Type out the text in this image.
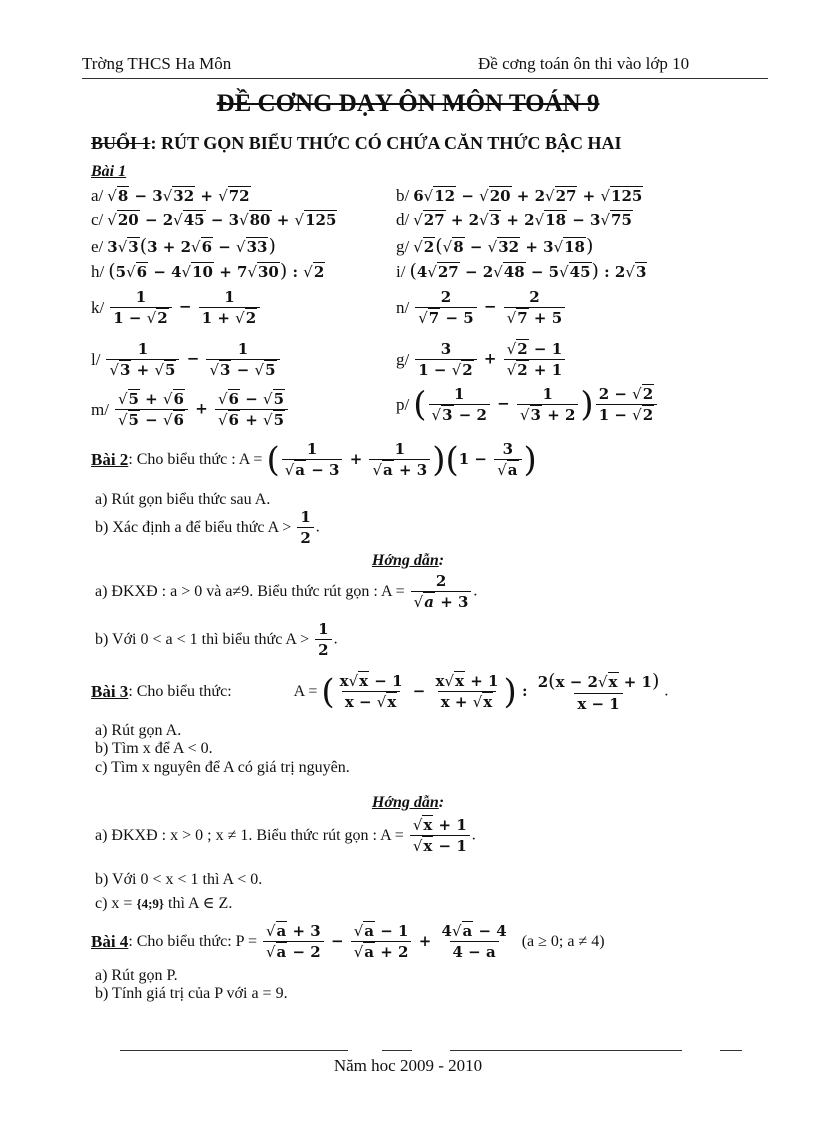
Trờng THCS Ha Môn	Đề cơng toán ôn thi vào lớp 10
ĐỀ CƠNG DẠY ÔN MÔN TOÁN 9
BUỔI 1: RÚT GỌN BIỂU THỨC CÓ CHỨA CĂN THỨC BẬC HAI
Bài 1
a/ √8 − 3√32 + √72	b/ 6√12 − √20 + 2√27 + √125
c/ √20 − 2√45 − 3√80 + √125	d/ √27 + 2√3 + 2√18 − 3√75
e/ 3√3(3 + 2√6 − √33)	g/ √2(√8 − √32 + 3√18)
h/ (5√6 − 4√10 + 7√30) : √2	i/ (4√27 − 2√48 − 5√45) : 2√3
$k/ \frac{1}{1 - √2} - \frac{1}{1 + √2}$	$n/ \frac{2}{√7 - 5} - \frac{2}{√7 + 5}$
$l/ \frac{1}{√3 + √5} - \frac{1}{√3 - √5}$	$g/ \frac{3}{1 - √2} + \frac{√2 - 1}{√2 + 1}$
$m/ \frac{√5 + √6}{√5 - √6} + \frac{√6 - √5}{√6 + √5}$	p/ ( $\frac{1}{√3 - 2} - \frac{1}{√3 + 2}$ ) $\frac{2 - √2}{1 - √2}$
Bài 2: Cho biểu thức : A = ( $\frac{1}{√a - 3} + \frac{1}{√a + 3} )(1 - \frac{3}{√a}$ )
a) Rút gọn biểu thức sau A.
b) Xác định a để biểu thức $A > \frac{1}{2}$ .
Hớng dẫn:
a) ĐKXĐ : a > 0 và a≠9. Biểu thức rút gọn : $A = \frac{2}{√a + 3}$ .
b) Với 0 < a < 1 thì biểu thức $A > \frac{1}{2}$ .
Bài 3: Cho biểu thức:	A = ( $\frac{x√x - 1}{x - √x} - \frac{x√x + 1}{x + √x}$ ) : $\frac{2(x - 2√x + 1)}{x - 1}$ .
a) Rút gọn A.
b) Tìm x để A < 0.
c) Tìm x nguyên để A có giá trị nguyên.
Hớng dẫn:
a) ĐKXĐ : x > 0 ; x ≠ 1. Biểu thức rút gọn : $A = \frac{√x + 1}{√x - 1}$ .
b) Với 0 < x < 1 thì A < 0.
c) x = {4;9} thì A ∈ Z.
Bài 4: Cho biểu thức: $P = \frac{√a + 3}{√a - 2} - \frac{√a - 1}{√a + 2} + \frac{4√a - 4}{4 - a} (a \ge 0$; a ≠ 4)
a) Rút gọn P.
b) Tính giá trị của P với a = 9.
Năm hoc 2009 - 2010
